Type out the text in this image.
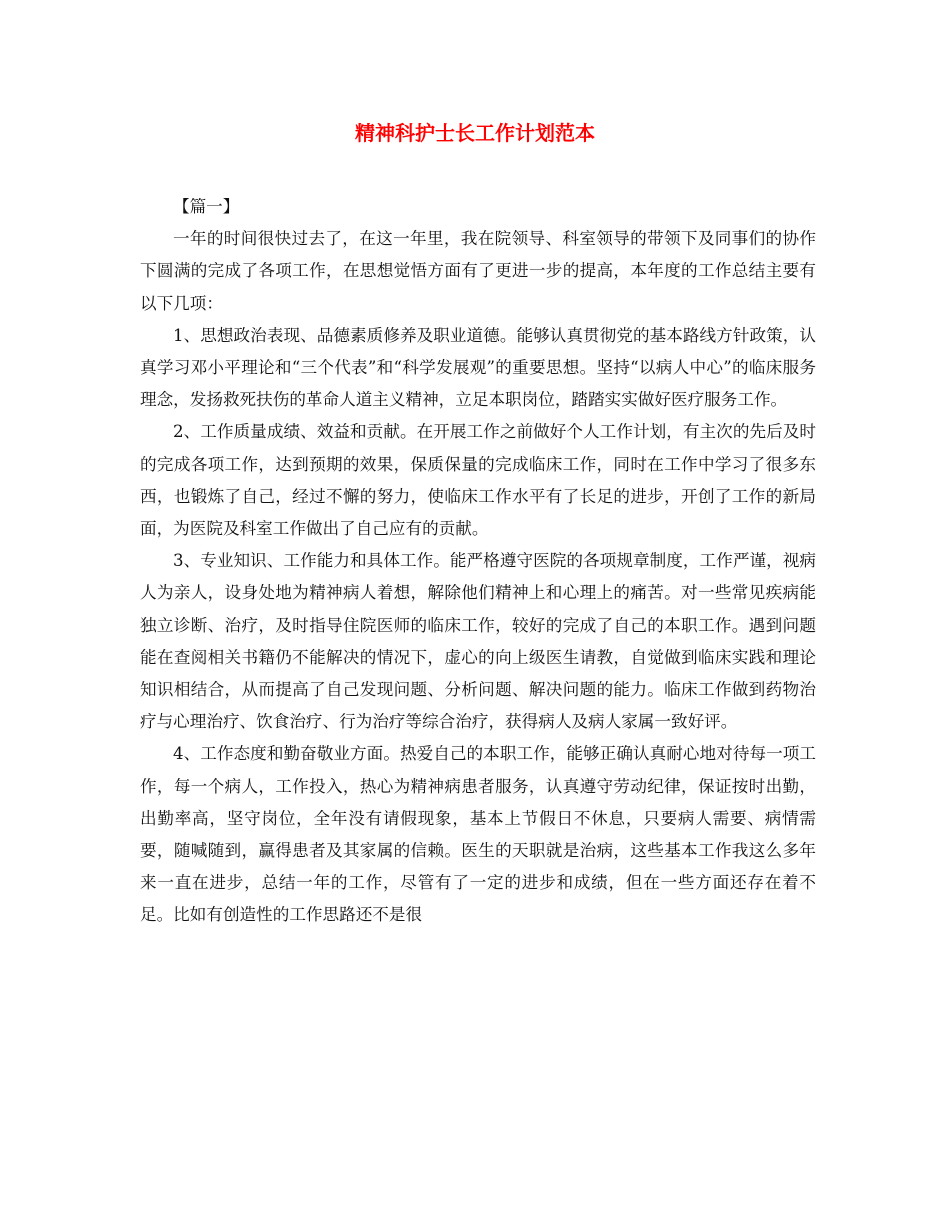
精神科护士长工作计划范本

【篇一】

一年的时间很快过去了，在这一年里，我在院领导、科室领导的带领下及同事们的协作下圆满的完成了各项工作，在思想觉悟方面有了更进一步的提高，本年度的工作总结主要有以下几项：

1、思想政治表现、品德素质修养及职业道德。能够认真贯彻党的基本路线方针政策，认真学习邓小平理论和“三个代表”和“科学发展观”的重要思想。坚持“以病人中心”的临床服务理念，发扬救死扶伤的革命人道主义精神，立足本职岗位，踏踏实实做好医疗服务工作。

2、工作质量成绩、效益和贡献。在开展工作之前做好个人工作计划，有主次的先后及时的完成各项工作，达到预期的效果，保质保量的完成临床工作，同时在工作中学习了很多东西，也锻炼了自己，经过不懈的努力，使临床工作水平有了长足的进步，开创了工作的新局面，为医院及科室工作做出了自己应有的贡献。

3、专业知识、工作能力和具体工作。能严格遵守医院的各项规章制度，工作严谨，视病人为亲人，设身处地为精神病人着想，解除他们精神上和心理上的痛苦。对一些常见疾病能独立诊断、治疗，及时指导住院医师的临床工作，较好的完成了自己的本职工作。遇到问题能在查阅相关书籍仍不能解决的情况下，虚心的向上级医生请教，自觉做到临床实践和理论知识相结合，从而提高了自己发现问题、分析问题、解决问题的能力。临床工作做到药物治疗与心理治疗、饮食治疗、行为治疗等综合治疗，获得病人及病人家属一致好评。

4、工作态度和勤奋敬业方面。热爱自己的本职工作，能够正确认真耐心地对待每一项工作，每一个病人，工作投入，热心为精神病患者服务，认真遵守劳动纪律，保证按时出勤，出勤率高，坚守岗位，全年没有请假现象，基本上节假日不休息，只要病人需要、病情需要，随喊随到，赢得患者及其家属的信赖。医生的天职就是治病，这些基本工作我这么多年来一直在进步，总结一年的工作，尽管有了一定的进步和成绩，但在一些方面还存在着不足。比如有创造性的工作思路还不是很
